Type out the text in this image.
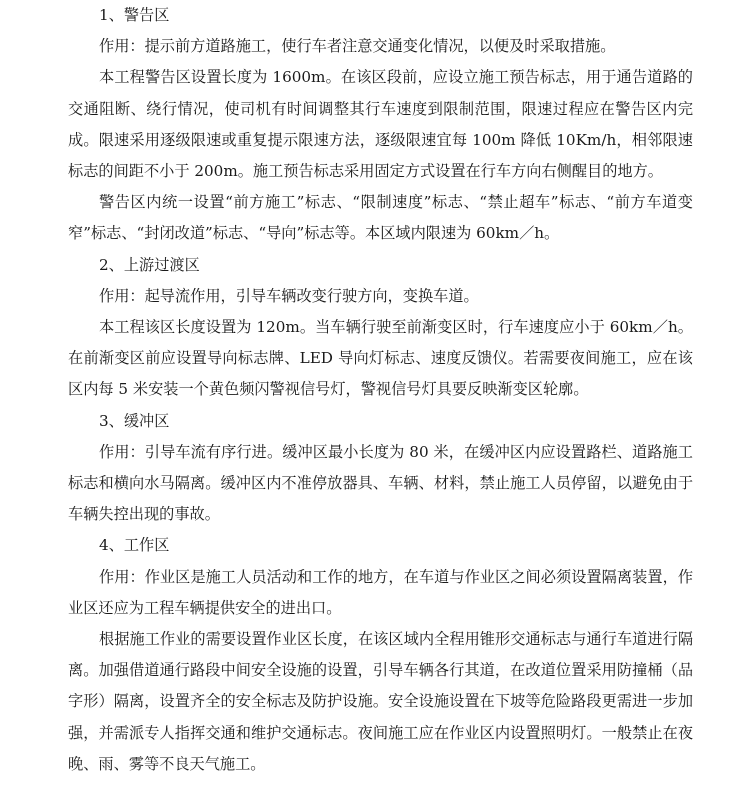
1、警告区

作用：提示前方道路施工，使行车者注意交通变化情况，以便及时采取措施。

本工程警告区设置长度为 1600m。在该区段前，应设立施工预告标志，用于通告道路的交通阻断、绕行情况，使司机有时间调整其行车速度到限制范围，限速过程应在警告区内完成。限速采用逐级限速或重复提示限速方法，逐级限速宜每 100m 降低 10Km/h，相邻限速标志的间距不小于 200m。施工预告标志采用固定方式设置在行车方向右侧醒目的地方。

警告区内统一设置“前方施工”标志、“限制速度”标志、“禁止超车”标志、“前方车道变窄”标志、“封闭改道”标志、“导向”标志等。本区域内限速为 60km／h。

2、上游过渡区

作用：起导流作用，引导车辆改变行驶方向，变换车道。

本工程该区长度设置为 120m。当车辆行驶至前渐变区时，行车速度应小于 60km／h。在前渐变区前应设置导向标志牌、LED 导向灯标志、速度反馈仪。若需要夜间施工，应在该区内每 5 米安装一个黄色频闪警视信号灯，警视信号灯具要反映渐变区轮廓。

3、缓冲区

作用：引导车流有序行进。缓冲区最小长度为 80 米，在缓冲区内应设置路栏、道路施工标志和横向水马隔离。缓冲区内不准停放器具、车辆、材料，禁止施工人员停留，以避免由于车辆失控出现的事故。

4、工作区

作用：作业区是施工人员活动和工作的地方，在车道与作业区之间必须设置隔离装置，作业区还应为工程车辆提供安全的进出口。

根据施工作业的需要设置作业区长度，在该区域内全程用锥形交通标志与通行车道进行隔离。加强借道通行路段中间安全设施的设置，引导车辆各行其道，在改道位置采用防撞桶（品字形）隔离，设置齐全的安全标志及防护设施。安全设施设置在下坡等危险路段更需进一步加强，并需派专人指挥交通和维护交通标志。夜间施工应在作业区内设置照明灯。一般禁止在夜晚、雨、雾等不良天气施工。
